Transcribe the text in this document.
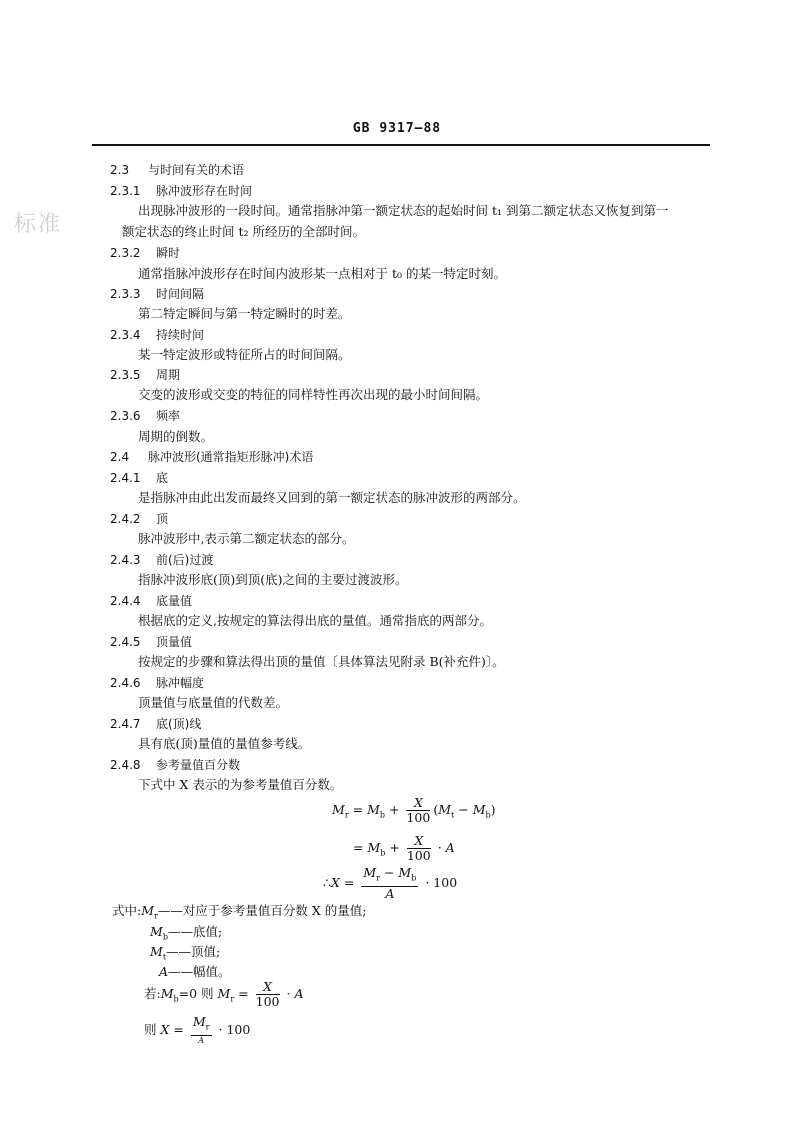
GB 9317—88
标准
2.3 与时间有关的术语
2.3.1 脉冲波形存在时间
出现脉冲波形的一段时间。通常指脉冲第一额定状态的起始时间 t₁ 到第二额定状态又恢复到第一
额定状态的终止时间 t₂ 所经历的全部时间。
2.3.2 瞬时
通常指脉冲波形存在时间内波形某一点相对于 t₀ 的某一特定时刻。
2.3.3 时间间隔
第二特定瞬间与第一特定瞬时的时差。
2.3.4 持续时间
某一特定波形或特征所占的时间间隔。
2.3.5 周期
交变的波形或交变的特征的同样特性再次出现的最小时间间隔。
2.3.6 频率
周期的倒数。
2.4 脉冲波形(通常指矩形脉冲)术语
2.4.1 底
是指脉冲由此出发而最终又回到的第一额定状态的脉冲波形的两部分。
2.4.2 顶
脉冲波形中,表示第二额定状态的部分。
2.4.3 前(后)过渡
指脉冲波形底(顶)到顶(底)之间的主要过渡波形。
2.4.4 底量值
根据底的定义,按规定的算法得出底的量值。通常指底的两部分。
2.4.5 顶量值
按规定的步骤和算法得出顶的量值〔具体算法见附录 B(补充件)〕。
2.4.6 脉冲幅度
顶量值与底量值的代数差。
2.4.7 底(顶)线
具有底(顶)量值的量值参考线。
2.4.8 参考量值百分数
下式中 X 表示的为参考量值百分数。
$M_r = M_b + \frac{X}{100} (M_t - M_b)$
= $M_b + \frac{X}{100} \cdot A$
∴X = $\frac{M_r - M_b}{A} \cdot 100$
式中$:M_r——$对应于参考量值百分数 X 的量值;
$M_b——$底值;
$M_t——$顶值;
A——幅值。
若$:M_b=0$ 则 $M_r = \frac{X}{100} \cdot A$
则 $X = \frac{M_r}{A} \cdot 100$
